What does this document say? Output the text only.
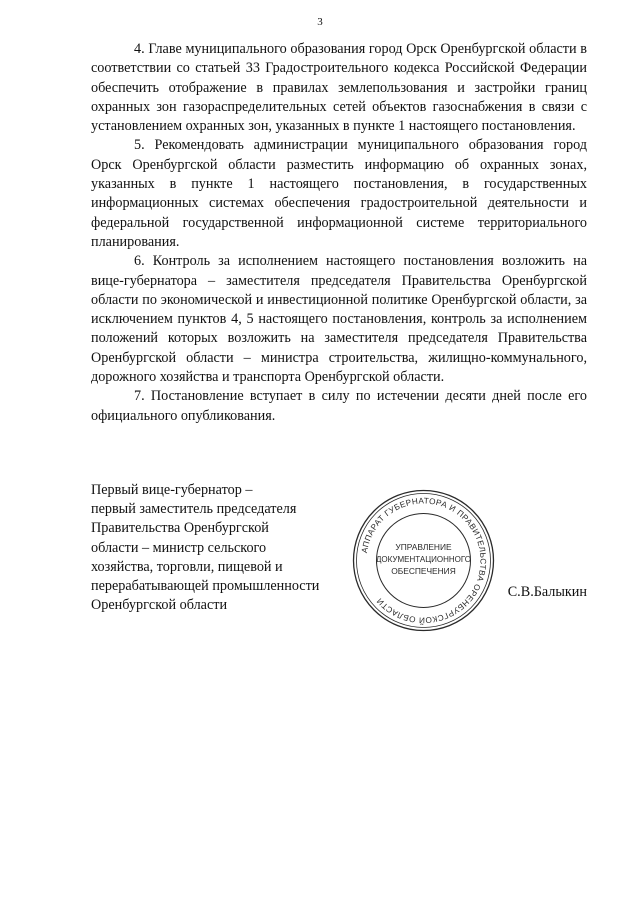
3

4. Главе муниципального образования город Орск Оренбургской области в соответствии со статьей 33 Градостроительного кодекса Российской Федерации обеспечить отображение в правилах землепользования и застройки границ охранных зон газораспределительных сетей объектов газоснабжения в связи с установлением охранных зон, указанных в пункте 1 настоящего постановления.

5. Рекомендовать администрации муниципального образования город Орск Оренбургской области разместить информацию об охранных зонах, указанных в пункте 1 настоящего постановления, в государственных информационных системах обеспечения градостроительной деятельности и федеральной государственной информационной системе территориального планирования.

6. Контроль за исполнением настоящего постановления возложить на вице-губернатора – заместителя председателя Правительства Оренбургской области по экономической и инвестиционной политике Оренбургской области, за исключением пунктов 4, 5 настоящего постановления, контроль за исполнением положений которых возложить на заместителя председателя Правительства Оренбургской области – министра строительства, жилищно-коммунального, дорожного хозяйства и транспорта Оренбургской области.

7. Постановление вступает в силу по истечении десяти дней после его официального опубликования.

Первый вице-губернатор –
первый заместитель председателя
Правительства Оренбургской
области – министр сельского
хозяйства, торговли, пищевой и
перерабатывающей промышленности
Оренбургской области
С.В.Балыкин
АППАРАТ ГУБЕРНАТОРА И ПРАВИТЕЛЬСТВА ОРЕНБУРГСКОЙ ОБЛАСТИ
УПРАВЛЕНИЕ
ДОКУМЕНТАЦИОННОГО
ОБЕСПЕЧЕНИЯ
